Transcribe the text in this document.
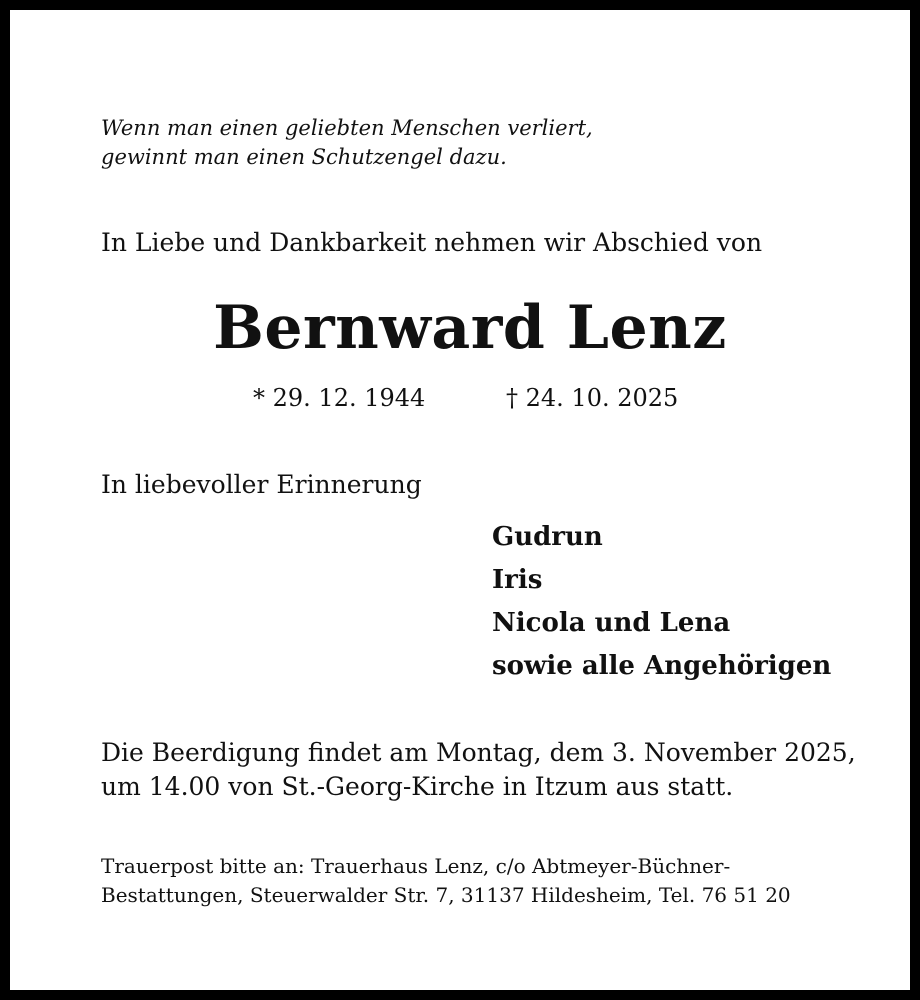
Wenn man einen geliebten Menschen verliert,
gewinnt man einen Schutzengel dazu.
In Liebe und Dankbarkeit nehmen wir Abschied von
Bernward Lenz
* 29. 12. 1944	† 24. 10. 2025
In liebevoller Erinnerung
Gudrun
Iris
Nicola und Lena
sowie alle Angehörigen
Die Beerdigung findet am Montag, dem 3. November 2025,
um 14.00 von St.-Georg-Kirche in Itzum aus statt.
Trauerpost bitte an: Trauerhaus Lenz, c/o Abtmeyer-Büchner-
Bestattungen, Steuerwalder Str. 7, 31137 Hildesheim, Tel. 76 51 20
